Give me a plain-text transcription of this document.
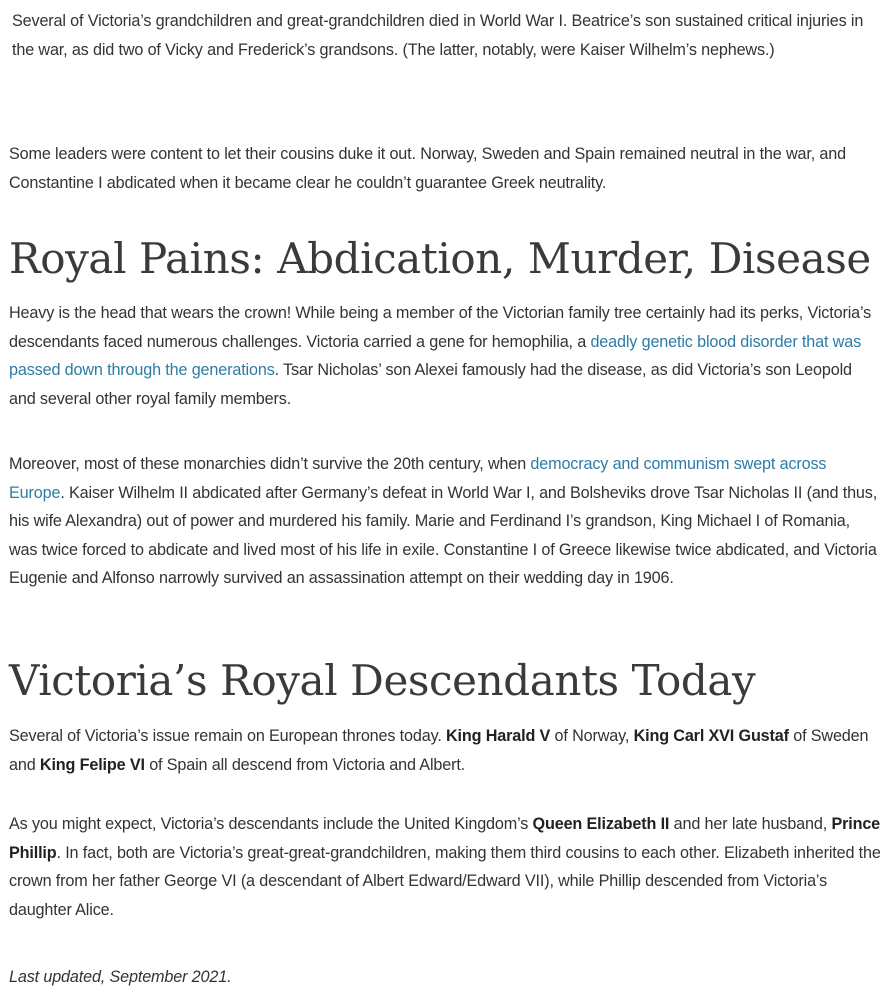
Several of Victoria’s grandchildren and great-grandchildren died in World War I. Beatrice’s son sustained critical injuries in the war, as did two of Vicky and Frederick’s grandsons. (The latter, notably, were Kaiser Wilhelm’s nephews.)

Some leaders were content to let their cousins duke it out. Norway, Sweden and Spain remained neutral in the war, and Constantine I abdicated when it became clear he couldn’t guarantee Greek neutrality.

Royal Pains: Abdication, Murder, Disease

Heavy is the head that wears the crown! While being a member of the Victorian family tree certainly had its perks, Victoria’s descendants faced numerous challenges. Victoria carried a gene for hemophilia, a deadly genetic blood disorder that was passed down through the generations. Tsar Nicholas’ son Alexei famously had the disease, as did Victoria’s son Leopold and several other royal family members.

Moreover, most of these monarchies didn’t survive the 20th century, when democracy and communism swept across Europe. Kaiser Wilhelm II abdicated after Germany’s defeat in World War I, and Bolsheviks drove Tsar Nicholas II (and thus, his wife Alexandra) out of power and murdered his family. Marie and Ferdinand I’s grandson, King Michael I of Romania, was twice forced to abdicate and lived most of his life in exile. Constantine I of Greece likewise twice abdicated, and Victoria Eugenie and Alfonso narrowly survived an assassination attempt on their wedding day in 1906.

Victoria’s Royal Descendants Today

Several of Victoria’s issue remain on European thrones today. King Harald V of Norway, King Carl XVI Gustaf of Sweden and King Felipe VI of Spain all descend from Victoria and Albert.

As you might expect, Victoria’s descendants include the United Kingdom’s Queen Elizabeth II and her late husband, Prince Phillip. In fact, both are Victoria’s great-great-grandchildren, making them third cousins to each other. Elizabeth inherited the crown from her father George VI (a descendant of Albert Edward/Edward VII), while Phillip descended from Victoria’s daughter Alice.

Last updated, September 2021.
